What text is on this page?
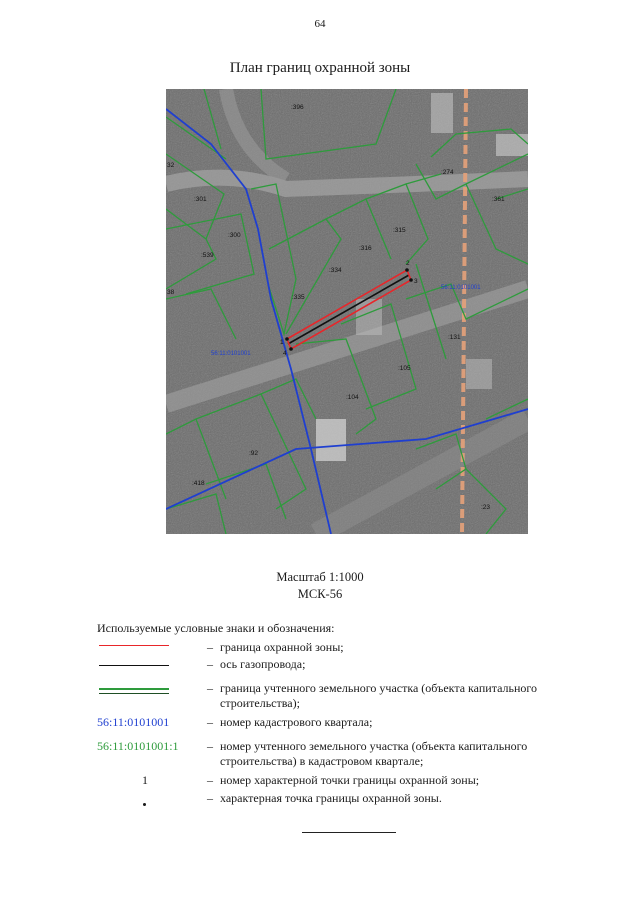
64
План границ охранной зоны
1
2
3
4
:396
:274
:301	:361
:300
:316
:315
:539
:334
:335
:131
:105
:104
:92
:418
:23
32
38
56:11:0101001
56:11:0101001
Масштаб 1:1000
МСК-56
Используемые условные знаки и обозначения:
– граница охранной зоны;
– ось газопровода;
– граница учтенного земельного участка (объекта капитального строительства);
56:11:0101001	– номер кадастрового квартала;
56:11:0101001:1	– номер учтенного земельного участка (объекта капитального строительства) в кадастровом квартале;
1	– номер характерной точки границы охранной зоны;
– характерная точка границы охранной зоны.
